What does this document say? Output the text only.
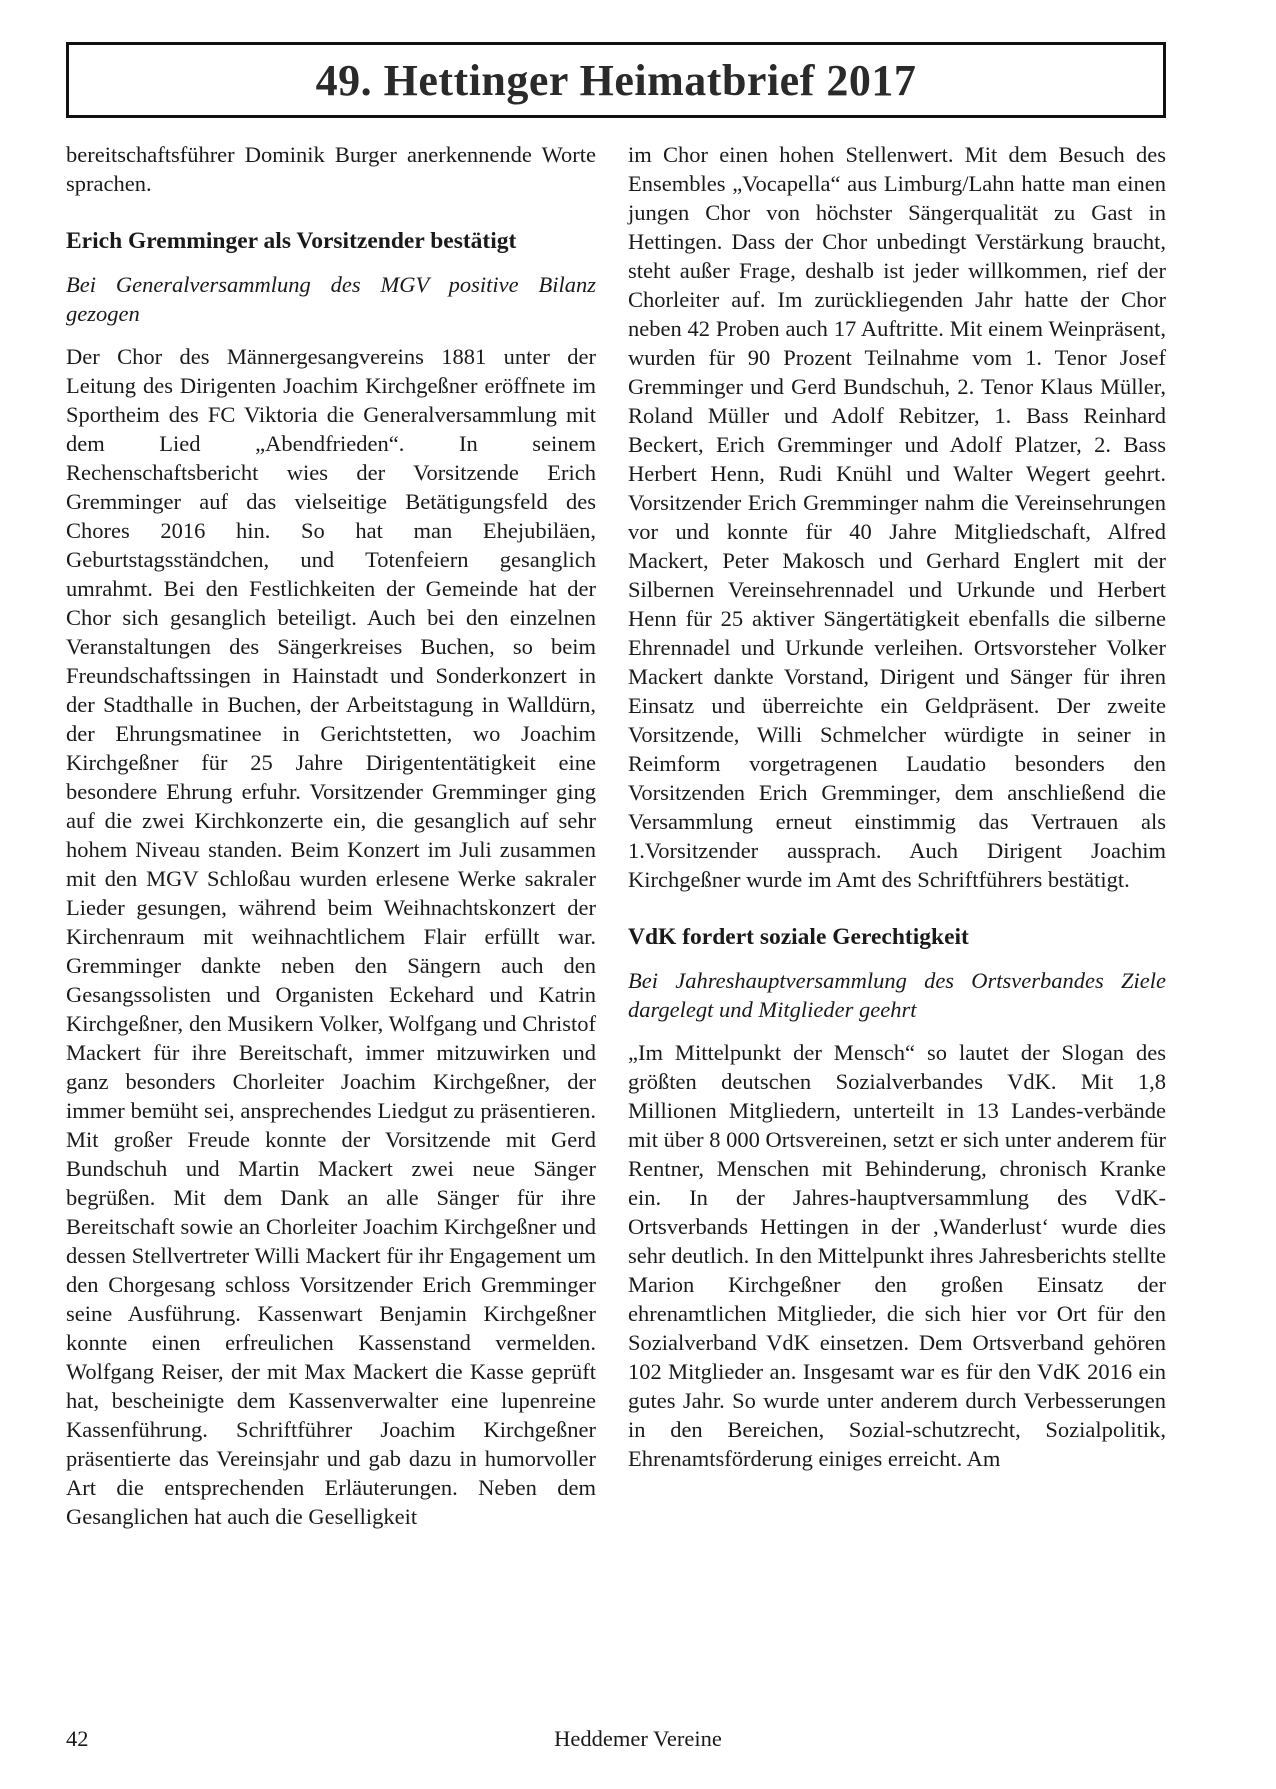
49. Hettinger Heimatbrief 2017

bereitschaftsführer Dominik Burger anerkennende Worte sprachen.

Erich Gremminger als Vorsitzender bestätigt

Bei Generalversammlung des MGV positive Bilanz gezogen

Der Chor des Männergesangvereins 1881 unter der Leitung des Dirigenten Joachim Kirchgeßner eröffnete im Sportheim des FC Viktoria die Generalversammlung mit dem Lied „Abendfrieden“. In seinem Rechenschaftsbericht wies der Vorsitzende Erich Gremminger auf das vielseitige Betätigungsfeld des Chores 2016 hin. So hat man Ehejubiläen, Geburtstagsständchen, und Totenfeiern gesanglich umrahmt. Bei den Festlichkeiten der Gemeinde hat der Chor sich gesanglich beteiligt. Auch bei den einzelnen Veranstaltungen des Sängerkreises Buchen, so beim Freundschaftssingen in Hainstadt und Sonderkonzert in der Stadthalle in Buchen, der Arbeitstagung in Walldürn, der Ehrungsmatinee in Gerichtstetten, wo Joachim Kirchgeßner für 25 Jahre Dirigententätigkeit eine besondere Ehrung erfuhr. Vorsitzender Gremminger ging auf die zwei Kirchkonzerte ein, die gesanglich auf sehr hohem Niveau standen. Beim Konzert im Juli zusammen mit den MGV Schloßau wurden erlesene Werke sakraler Lieder gesungen, während beim Weihnachtskonzert der Kirchenraum mit weihnachtlichem Flair erfüllt war. Gremminger dankte neben den Sängern auch den Gesangssolisten und Organisten Eckehard und Katrin Kirchgeßner, den Musikern Volker, Wolfgang und Christof Mackert für ihre Bereitschaft, immer mitzuwirken und ganz besonders Chorleiter Joachim Kirchgeßner, der immer bemüht sei, ansprechendes Liedgut zu präsentieren. Mit großer Freude konnte der Vorsitzende mit Gerd Bundschuh und Martin Mackert zwei neue Sänger begrüßen. Mit dem Dank an alle Sänger für ihre Bereitschaft sowie an Chorleiter Joachim Kirchgeßner und dessen Stellvertreter Willi Mackert für ihr Engagement um den Chorgesang schloss Vorsitzender Erich Gremminger seine Ausführung. Kassenwart Benjamin Kirchgeßner konnte einen erfreulichen Kassenstand vermelden. Wolfgang Reiser, der mit Max Mackert die Kasse geprüft hat, bescheinigte dem Kassenverwalter eine lupenreine Kassenführung. Schriftführer Joachim Kirchgeßner präsentierte das Vereinsjahr und gab dazu in humorvoller Art die entsprechenden Erläuterungen. Neben dem Gesanglichen hat auch die Geselligkeit

im Chor einen hohen Stellenwert. Mit dem Besuch des Ensembles „Vocapella“ aus Limburg/Lahn hatte man einen jungen Chor von höchster Sängerqualität zu Gast in Hettingen. Dass der Chor unbedingt Verstärkung braucht, steht außer Frage, deshalb ist jeder willkommen, rief der Chorleiter auf. Im zurückliegenden Jahr hatte der Chor neben 42 Proben auch 17 Auftritte. Mit einem Weinpräsent, wurden für 90 Prozent Teilnahme vom 1. Tenor Josef Gremminger und Gerd Bundschuh, 2. Tenor Klaus Müller, Roland Müller und Adolf Rebitzer, 1. Bass Reinhard Beckert, Erich Gremminger und Adolf Platzer, 2. Bass Herbert Henn, Rudi Knühl und Walter Wegert geehrt. Vorsitzender Erich Gremminger nahm die Vereinsehrungen vor und konnte für 40 Jahre Mitgliedschaft, Alfred Mackert, Peter Makosch und Gerhard Englert mit der Silbernen Vereinsehrennadel und Urkunde und Herbert Henn für 25 aktiver Sängertätigkeit ebenfalls die silberne Ehrennadel und Urkunde verleihen. Ortsvorsteher Volker Mackert dankte Vorstand, Dirigent und Sänger für ihren Einsatz und überreichte ein Geldpräsent. Der zweite Vorsitzende, Willi Schmelcher würdigte in seiner in Reimform vorgetragenen Laudatio besonders den Vorsitzenden Erich Gremminger, dem anschließend die Versammlung erneut einstimmig das Vertrauen als 1.Vorsitzender aussprach. Auch Dirigent Joachim Kirchgeßner wurde im Amt des Schriftführers bestätigt.

VdK fordert soziale Gerechtigkeit

Bei Jahreshauptversammlung des Ortsverbandes Ziele dargelegt und Mitglieder geehrt

„Im Mittelpunkt der Mensch“ so lautet der Slogan des größten deutschen Sozialverbandes VdK. Mit 1,8 Millionen Mitgliedern, unterteilt in 13 Landes-verbände mit über 8 000 Ortsvereinen, setzt er sich unter anderem für Rentner, Menschen mit Behinderung, chronisch Kranke ein. In der Jahres-hauptversammlung des VdK-Ortsverbands Hettingen in der ‚Wanderlust‘ wurde dies sehr deutlich. In den Mittelpunkt ihres Jahresberichts stellte Marion Kirchgeßner den großen Einsatz der ehrenamtlichen Mitglieder, die sich hier vor Ort für den Sozialverband VdK einsetzen. Dem Ortsverband gehören 102 Mitglieder an. Insgesamt war es für den VdK 2016 ein gutes Jahr. So wurde unter anderem durch Verbesserungen in den Bereichen, Sozial-schutzrecht, Sozialpolitik, Ehrenamtsförderung einiges erreicht. Am

42	Heddemer Vereine
